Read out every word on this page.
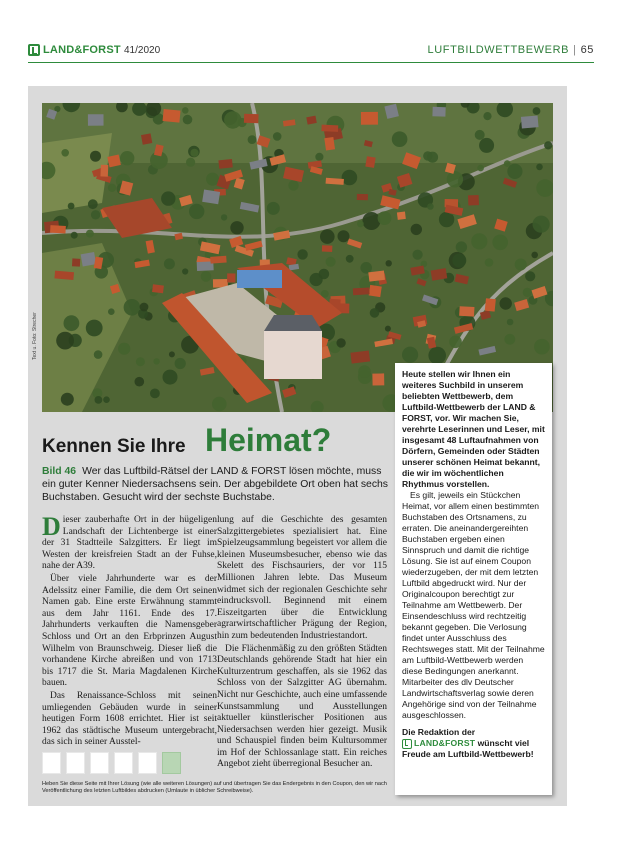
LAND&FORST 41/2020	LUFTBILDWETTBEWERB | 65
Text u. Foto: Strecher
Kennen Sie Ihre Heimat?
Bild 46 Wer das Luftbild-Rätsel der LAND & FORST lösen möchte, muss ein guter Kenner Niedersachsens sein. Der abgebildete Ort oben hat sechs Buchstaben. Gesucht wird der sechste Buchstabe.

Dieser zauberhafte Ort in der hügeligen Landschaft der Lichtenberge ist einer der 31 Stadtteile Salzgitters. Er liegt im Westen der kreisfreien Stadt an der Fuhse, nahe der A39.

Über viele Jahrhunderte war es der Adelssitz einer Familie, die dem Ort seinen Namen gab. Eine erste Erwähnung stammt aus dem Jahr 1161. Ende des 17. Jahrhunderts verkauften die Namensgeber Schloss und Ort an den Erbprinzen August Wilhelm von Braunschweig. Dieser ließ die vorhandene Kirche abreißen und von 1713 bis 1717 die St. Maria Magdalenen Kirche bauen.

Das Renaissance-Schloss mit seinen umliegenden Gebäuden wurde in seiner heutigen Form 1608 errichtet. Hier ist seit 1962 das städtische Museum untergebracht, das sich in seiner Ausstel-

lung auf die Geschichte des gesamten Salzgittergebietes spezialisiert hat. Eine Spielzeugsammlung begeistert vor allem die kleinen Museumsbesucher, ebenso wie das Skelett des Fischsauriers, der vor 115 Millionen Jahren lebte. Das Museum widmet sich der regionalen Geschichte sehr eindrucksvoll. Beginnend mit einem Eiszeitgarten über die Entwicklung agrarwirtschaftlicher Prägung der Region, hin zum bedeutenden Industriestandort.

Die Flächenmäßig zu den größten Städten Deutschlands gehörende Stadt hat hier ein Kulturzentrum geschaffen, als sie 1962 das Schloss von der Salzgitter AG übernahm. Nicht nur Geschichte, auch eine umfassende Kunstsammlung und Ausstellungen aktueller künstlerischer Positionen aus Niedersachsen werden hier gezeigt. Musik und Schauspiel finden beim Kultursommer im Hof der Schlossanlage statt. Ein reiches Angebot zieht überregional Besucher an.

Heben Sie diese Seite mit Ihrer Lösung (wie alle weiteren Lösungen) auf und übertragen Sie das Endergebnis in den Coupon, den wir nach Veröffentlichung des letzten Luftbildes abdrucken (Umlaute in üblicher Schreibweise).

Heute stellen wir Ihnen ein weiteres Suchbild in unserem beliebten Wettbewerb, dem Luftbild-Wettbewerb der LAND & FORST, vor. Wir machen Sie, verehrte Leserinnen und Leser, mit insgesamt 48 Luftaufnahmen von Dörfern, Gemeinden oder Städten unserer schönen Heimat bekannt, die wir im wöchentlichen Rhythmus vorstellen.

Es gilt, jeweils ein Stückchen Heimat, vor allem einen bestimmten Buchstaben des Ortsnamens, zu erraten. Die aneinandergereihten Buchstaben ergeben einen Sinnspruch und damit die richtige Lösung. Sie ist auf einem Coupon wiederzugeben, der mit dem letzten Luftbild abgedruckt wird. Nur der Originalcoupon berechtigt zur Teilnahme am Wettbewerb. Der Einsendeschluss wird rechtzeitig bekannt gegeben. Die Verlosung findet unter Ausschluss des Rechtsweges statt. Mit der Teilnahme am Luftbild-Wettbewerb werden diese Bedingungen anerkannt. Mitarbeiter des dlv Deutscher Landwirtschaftsverlag sowie deren Angehörige sind von der Teilnahme ausgeschlossen.

Die Redaktion der
LAND&FORST wünscht viel Freude am Luftbild-Wettbewerb!
